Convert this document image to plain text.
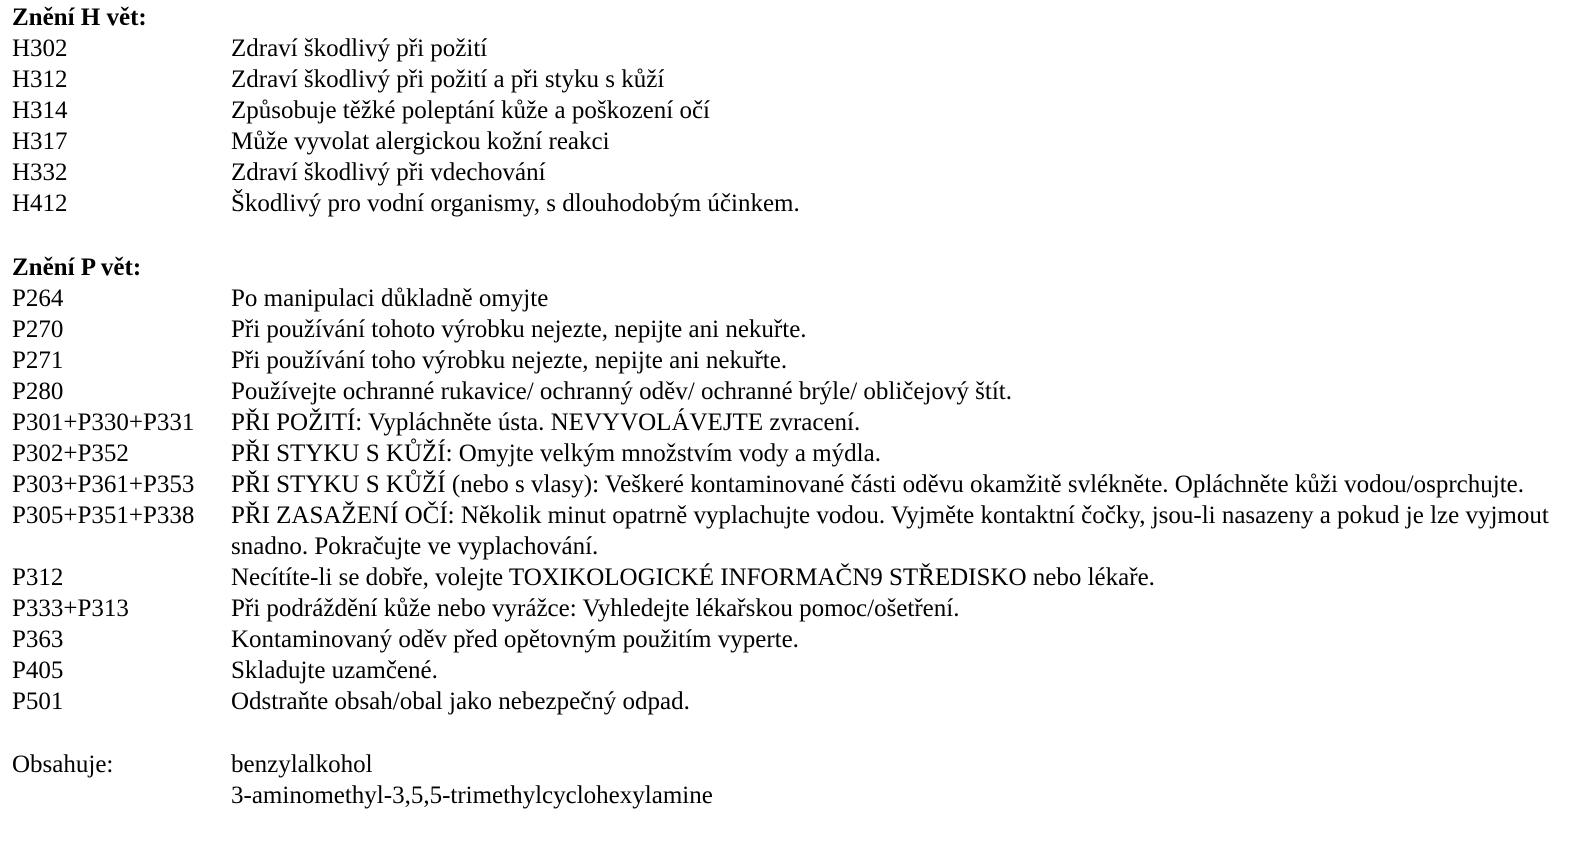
Znění H vět:
H302	Zdraví škodlivý při požití
H312	Zdraví škodlivý při požití a při styku s kůží
H314	Způsobuje těžké poleptání kůže a poškození očí
H317	Může vyvolat alergickou kožní reakci
H332	Zdraví škodlivý při vdechování
H412	Škodlivý pro vodní organismy, s dlouhodobým účinkem.
Znění P vět:
P264	Po manipulaci důkladně omyjte
P270	Při používání tohoto výrobku nejezte, nepijte ani nekuřte.
P271	Při používání toho výrobku nejezte, nepijte ani nekuřte.
P280	Používejte ochranné rukavice/ ochranný oděv/ ochranné brýle/ obličejový štít.
P301+P330+P331	PŘI POŽITÍ: Vypláchněte ústa. NEVYVOLÁVEJTE zvracení.
P302+P352	PŘI STYKU S KŮŽÍ: Omyjte velkým množstvím vody a mýdla.
P303+P361+P353	PŘI STYKU S KŮŽÍ (nebo s vlasy): Veškeré kontaminované části oděvu okamžitě svlékněte. Opláchněte kůži vodou/osprchujte.
P305+P351+P338	PŘI ZASAŽENÍ OČÍ: Několik minut opatrně vyplachujte vodou. Vyjměte kontaktní čočky, jsou-li nasazeny a pokud je lze vyjmout snadno. Pokračujte ve vyplachování.
P312	Necítíte-li se dobře, volejte TOXIKOLOGICKÉ INFORMAČN9 STŘEDISKO nebo lékaře.
P333+P313	Při podráždění kůže nebo vyrážce: Vyhledejte lékařskou pomoc/ošetření.
P363	Kontaminovaný oděv před opětovným použitím vyperte.
P405	Skladujte uzamčené.
P501	Odstraňte obsah/obal jako nebezpečný odpad.
Obsahuje:	benzylalkohol
3-aminomethyl-3,5,5-trimethylcyclohexylamine
